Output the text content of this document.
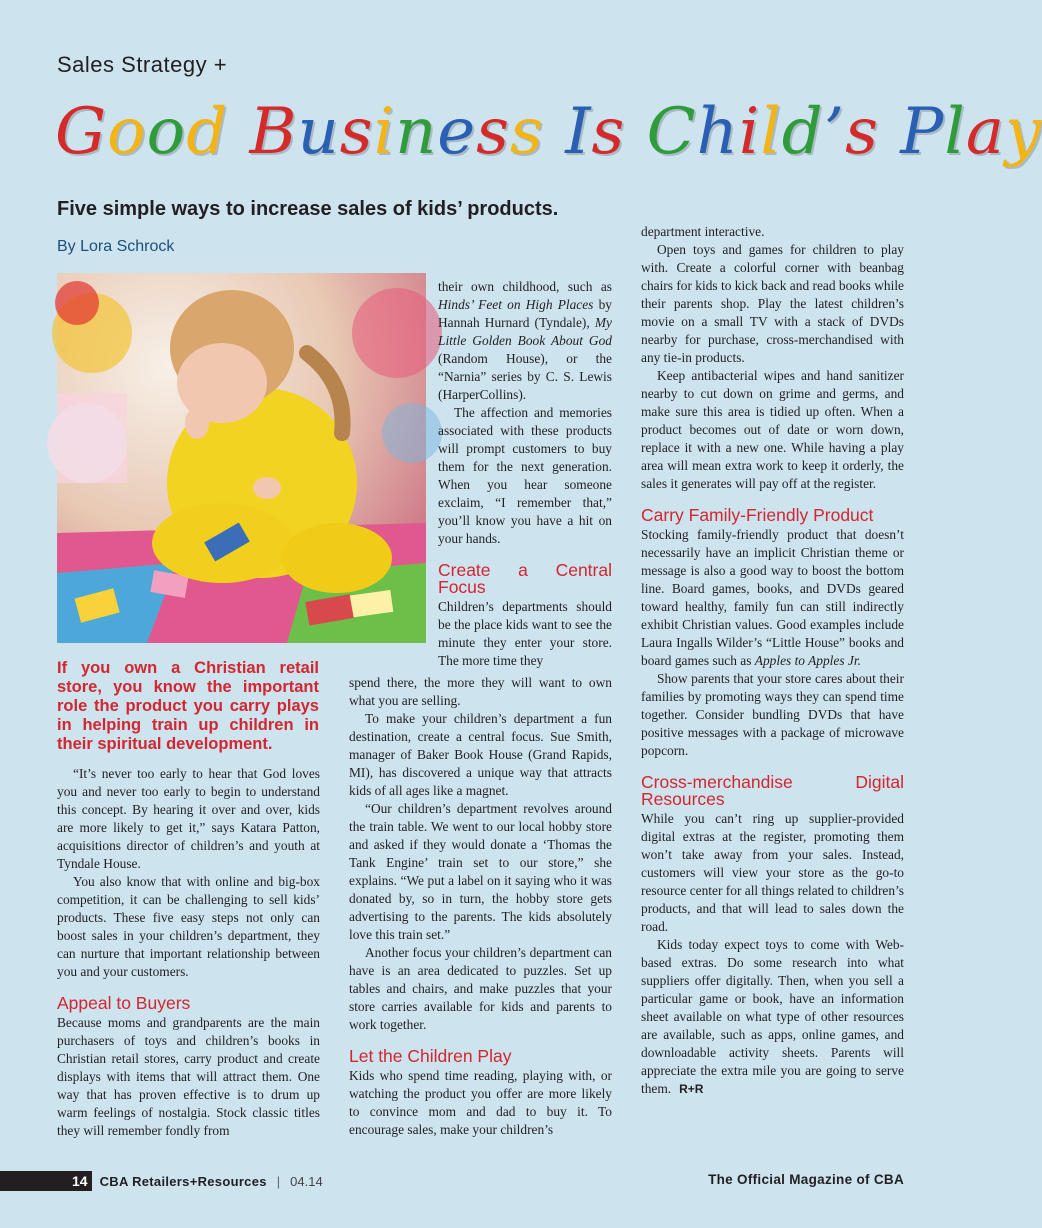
Sales Strategy +
Good Business Is Child’s Play
Five simple ways to increase sales of kids’ products.
By Lora Schrock
If you own a Christian retail store, you know the important role the product you carry plays in helping train up children in their spiritual development.

“It’s never too early to hear that God loves you and never too early to begin to understand this concept. By hearing it over and over, kids are more likely to get it,” says Katara Patton, acquisitions director of children’s and youth at Tyndale House.

You also know that with online and big-box competition, it can be challenging to sell kids’ products. These five easy steps not only can boost sales in your children’s department, they can nurture that important relationship between you and your customers.

Appeal to Buyers

Because moms and grandparents are the main purchasers of toys and children’s books in Christian retail stores, carry product and create displays with items that will attract them. One way that has proven effective is to drum up warm feelings of nostalgia. Stock classic titles they will remember fondly from

their own childhood, such as Hinds’ Feet on High Places by Hannah Hurnard (Tyndale), My Little Golden Book About God (Random House), or the “Narnia” series by C. S. Lewis (HarperCollins).

The affection and memories associated with these products will prompt customers to buy them for the next generation. When you hear someone exclaim, “I remember that,” you’ll know you have a hit on your hands.

Create a Central Focus

Children’s departments should be the place kids want to see the minute they enter your store. The more time they

spend there, the more they will want to own what you are selling.

To make your children’s department a fun destination, create a central focus. Sue Smith, manager of Baker Book House (Grand Rapids, MI), has discovered a unique way that attracts kids of all ages like a magnet.

“Our children’s department revolves around the train table. We went to our local hobby store and asked if they would donate a ‘Thomas the Tank Engine’ train set to our store,” she explains. “We put a label on it saying who it was donated by, so in turn, the hobby store gets advertising to the parents. The kids absolutely love this train set.”

Another focus your children’s department can have is an area dedicated to puzzles. Set up tables and chairs, and make puzzles that your store carries available for kids and parents to work together.

Let the Children Play

Kids who spend time reading, playing with, or watching the product you offer are more likely to convince mom and dad to buy it. To encourage sales, make your children’s

department interactive.

Open toys and games for children to play with. Create a colorful corner with beanbag chairs for kids to kick back and read books while their parents shop. Play the latest children’s movie on a small TV with a stack of DVDs nearby for purchase, cross-merchandised with any tie-in products.

Keep antibacterial wipes and hand sanitizer nearby to cut down on grime and germs, and make sure this area is tidied up often. When a product becomes out of date or worn down, replace it with a new one. While having a play area will mean extra work to keep it orderly, the sales it generates will pay off at the register.

Carry Family-Friendly Product

Stocking family-friendly product that doesn’t necessarily have an implicit Christian theme or message is also a good way to boost the bottom line. Board games, books, and DVDs geared toward healthy, family fun can still indirectly exhibit Christian values. Good examples include Laura Ingalls Wilder’s “Little House” books and board games such as Apples to Apples Jr.

Show parents that your store cares about their families by promoting ways they can spend time together. Consider bundling DVDs that have positive messages with a package of microwave popcorn.

Cross-merchandise Digital Resources

While you can’t ring up supplier-provided digital extras at the register, promoting them won’t take away from your sales. Instead, customers will view your store as the go-to resource center for all things related to children’s products, and that will lead to sales down the road.

Kids today expect toys to come with Web-based extras. Do some research into what suppliers offer digitally. Then, when you sell a particular game or book, have an information sheet available on what type of other resources are available, such as apps, online games, and downloadable activity sheets. Parents will appreciate the extra mile you are going to serve them. R+R

14 CBA Retailers+Resources | 04.14	The Official Magazine of CBA
